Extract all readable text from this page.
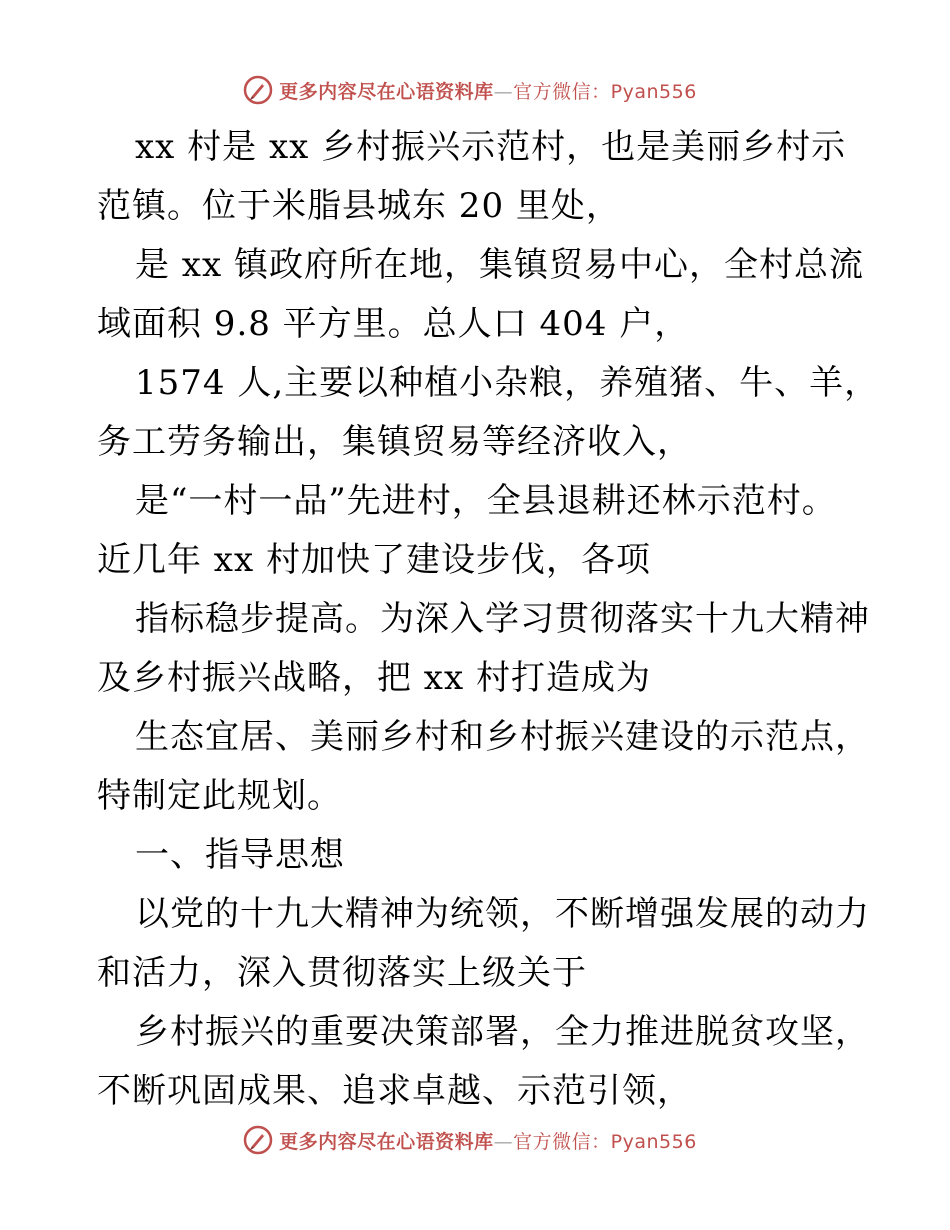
更多内容尽在心语资料库—官方微信：Pyan556
xx 村是 xx 乡村振兴示范村，也是美丽乡村示
范镇。位于米脂县城东 20 里处，
是 xx 镇政府所在地，集镇贸易中心，全村总流
域面积 9.8 平方里。总人口 404 户，
1574 人,主要以种植小杂粮，养殖猪、牛、羊，
务工劳务输出，集镇贸易等经济收入，
是“一村一品”先进村，全县退耕还林示范村。
近几年 xx 村加快了建设步伐，各项
指标稳步提高。为深入学习贯彻落实十九大精神
及乡村振兴战略，把 xx 村打造成为
生态宜居、美丽乡村和乡村振兴建设的示范点，
特制定此规划。
一、指导思想
以党的十九大精神为统领，不断增强发展的动力
和活力，深入贯彻落实上级关于
乡村振兴的重要决策部署，全力推进脱贫攻坚，
不断巩固成果、追求卓越、示范引领，
更多内容尽在心语资料库—官方微信：Pyan556
